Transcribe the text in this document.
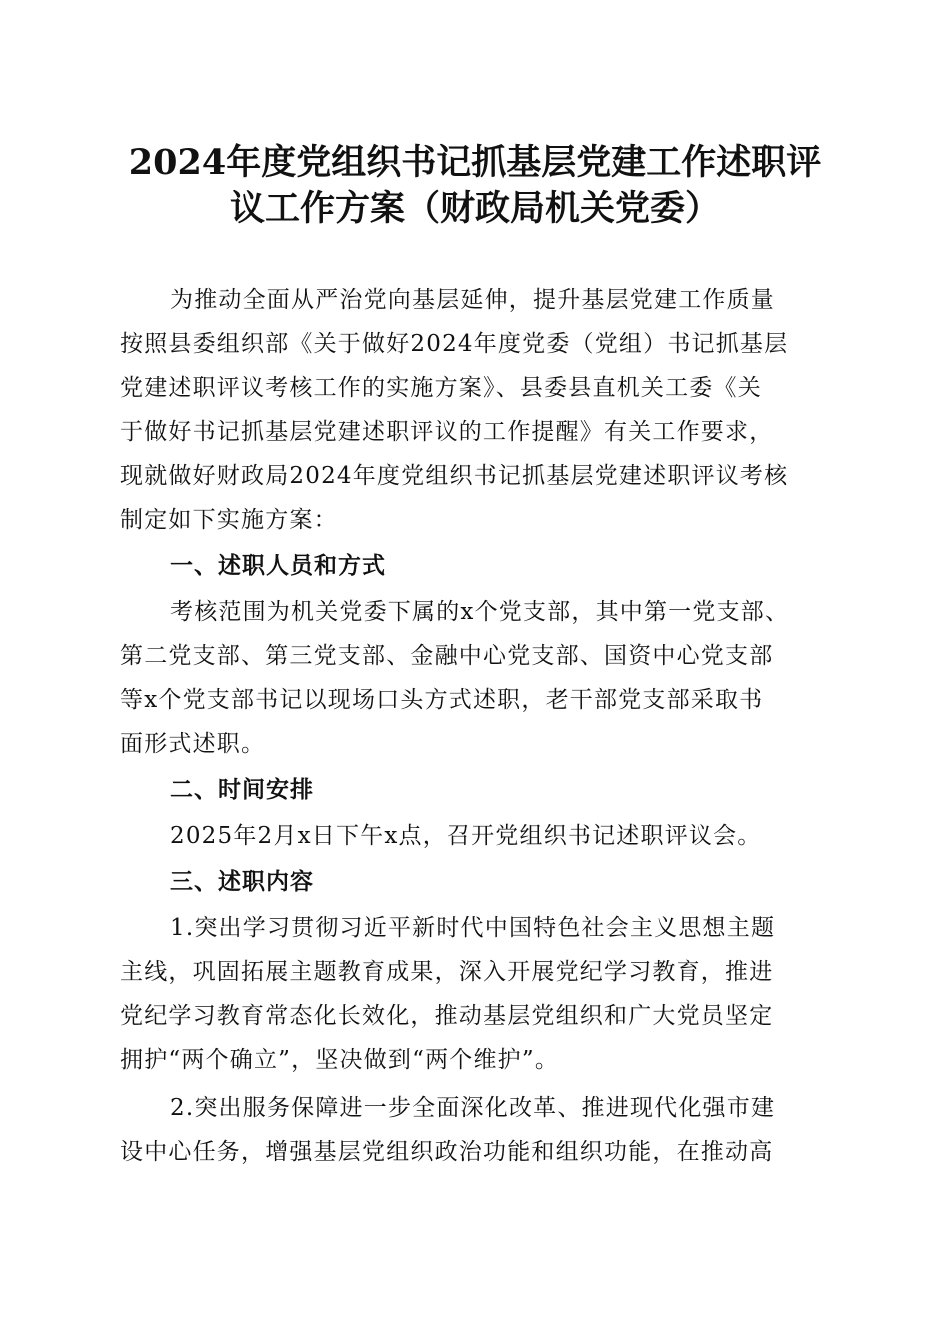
2024年度党组织书记抓基层党建工作述职评
议工作方案（财政局机关党委）
为推动全面从严治党向基层延伸，提升基层党建工作质量
按照县委组织部《关于做好2024年度党委（党组）书记抓基层
党建述职评议考核工作的实施方案》、县委县直机关工委《关
于做好书记抓基层党建述职评议的工作提醒》有关工作要求，
现就做好财政局2024年度党组织书记抓基层党建述职评议考核
制定如下实施方案：
一、述职人员和方式
考核范围为机关党委下属的x个党支部，其中第一党支部、
第二党支部、第三党支部、金融中心党支部、国资中心党支部
等x个党支部书记以现场口头方式述职，老干部党支部采取书
面形式述职。
二、时间安排
2025年2月x日下午x点，召开党组织书记述职评议会。
三、述职内容
1.突出学习贯彻习近平新时代中国特色社会主义思想主题
主线，巩固拓展主题教育成果，深入开展党纪学习教育，推进
党纪学习教育常态化长效化，推动基层党组织和广大党员坚定
拥护“两个确立”，坚决做到“两个维护”。
2.突出服务保障进一步全面深化改革、推进现代化强市建
设中心任务，增强基层党组织政治功能和组织功能，在推动高
